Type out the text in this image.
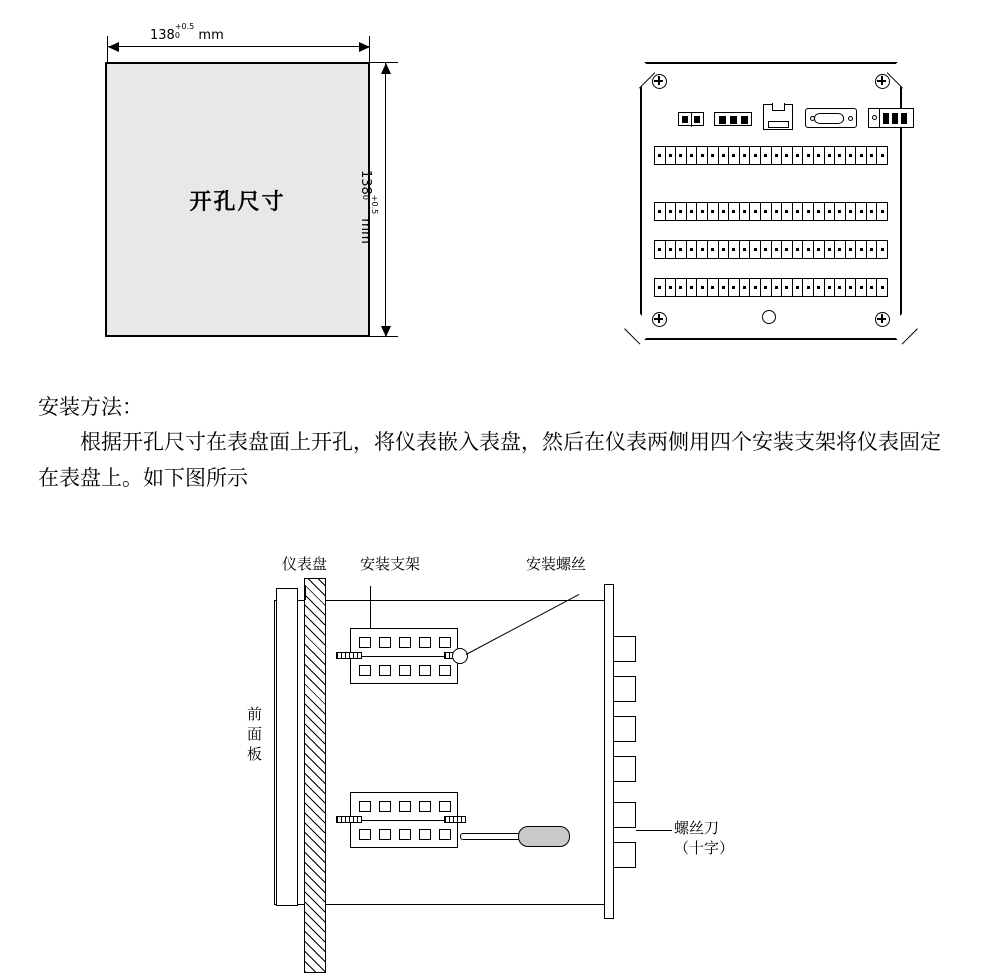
开孔尺寸
138+0.5
0 mm
138+0.5
0 mm
安装方法：
根据开孔尺寸在表盘面上开孔，将仪表嵌入表盘，然后在仪表两侧用四个安装支架将仪表固定在表盘上。如下图所示
仪表盘 安装支架	安装螺丝
前面板
螺丝刀
（十字）
